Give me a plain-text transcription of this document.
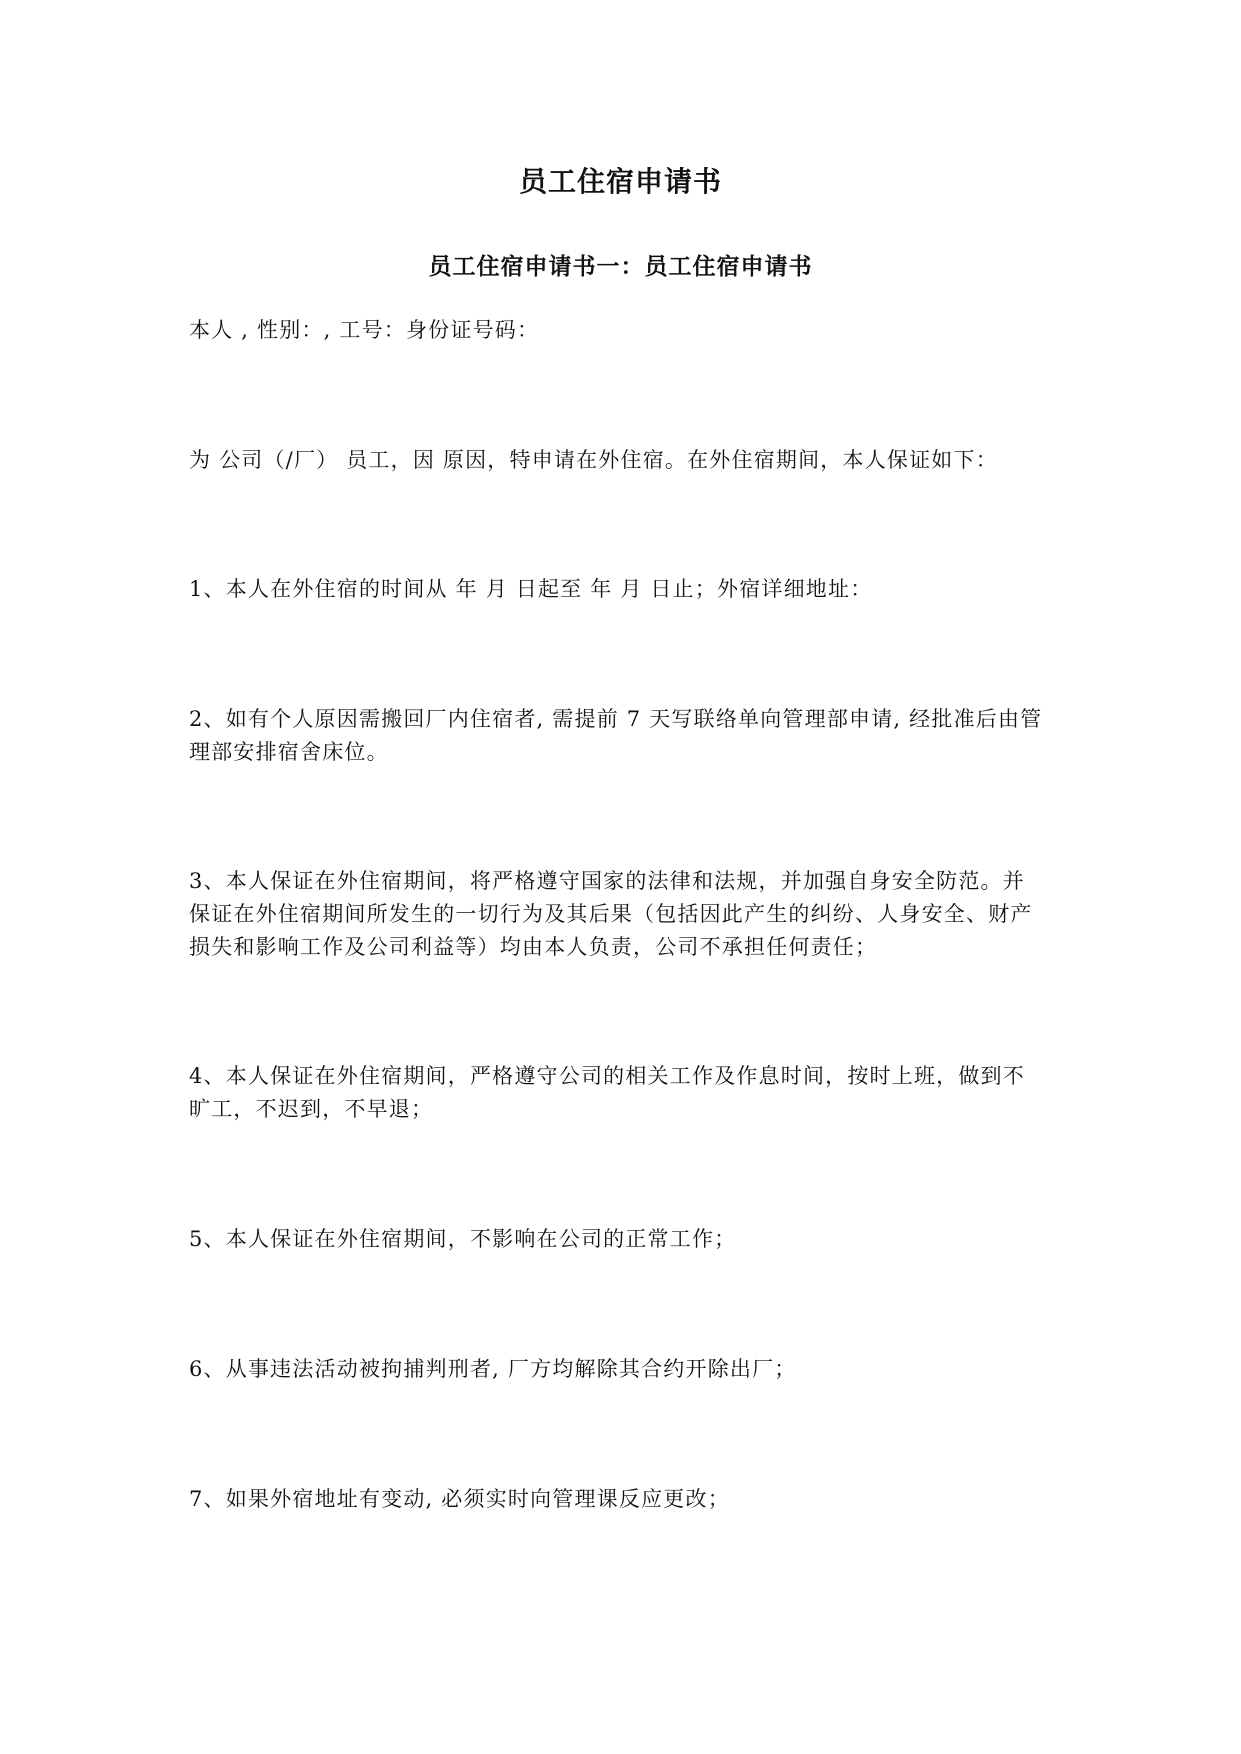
员工住宿申请书
员工住宿申请书一：员工住宿申请书

本人 , 性别：, 工号：身份证号码：

为 公司（/厂） 员工，因 原因，特申请在外住宿。在外住宿期间，本人保证如下：

1、本人在外住宿的时间从 年 月 日起至 年 月 日止；外宿详细地址：

2、如有个人原因需搬回厂内住宿者, 需提前 7 天写联络单向管理部申请, 经批准后由管
理部安排宿舍床位。

3、本人保证在外住宿期间，将严格遵守国家的法律和法规，并加强自身安全防范。并
保证在外住宿期间所发生的一切行为及其后果（包括因此产生的纠纷、人身安全、财产
损失和影响工作及公司利益等）均由本人负责，公司不承担任何责任；

4、本人保证在外住宿期间，严格遵守公司的相关工作及作息时间，按时上班，做到不
旷工，不迟到，不早退；

5、本人保证在外住宿期间，不影响在公司的正常工作；

6、从事违法活动被拘捕判刑者, 厂方均解除其合约开除出厂；

7、如果外宿地址有变动, 必须实时向管理课反应更改；
